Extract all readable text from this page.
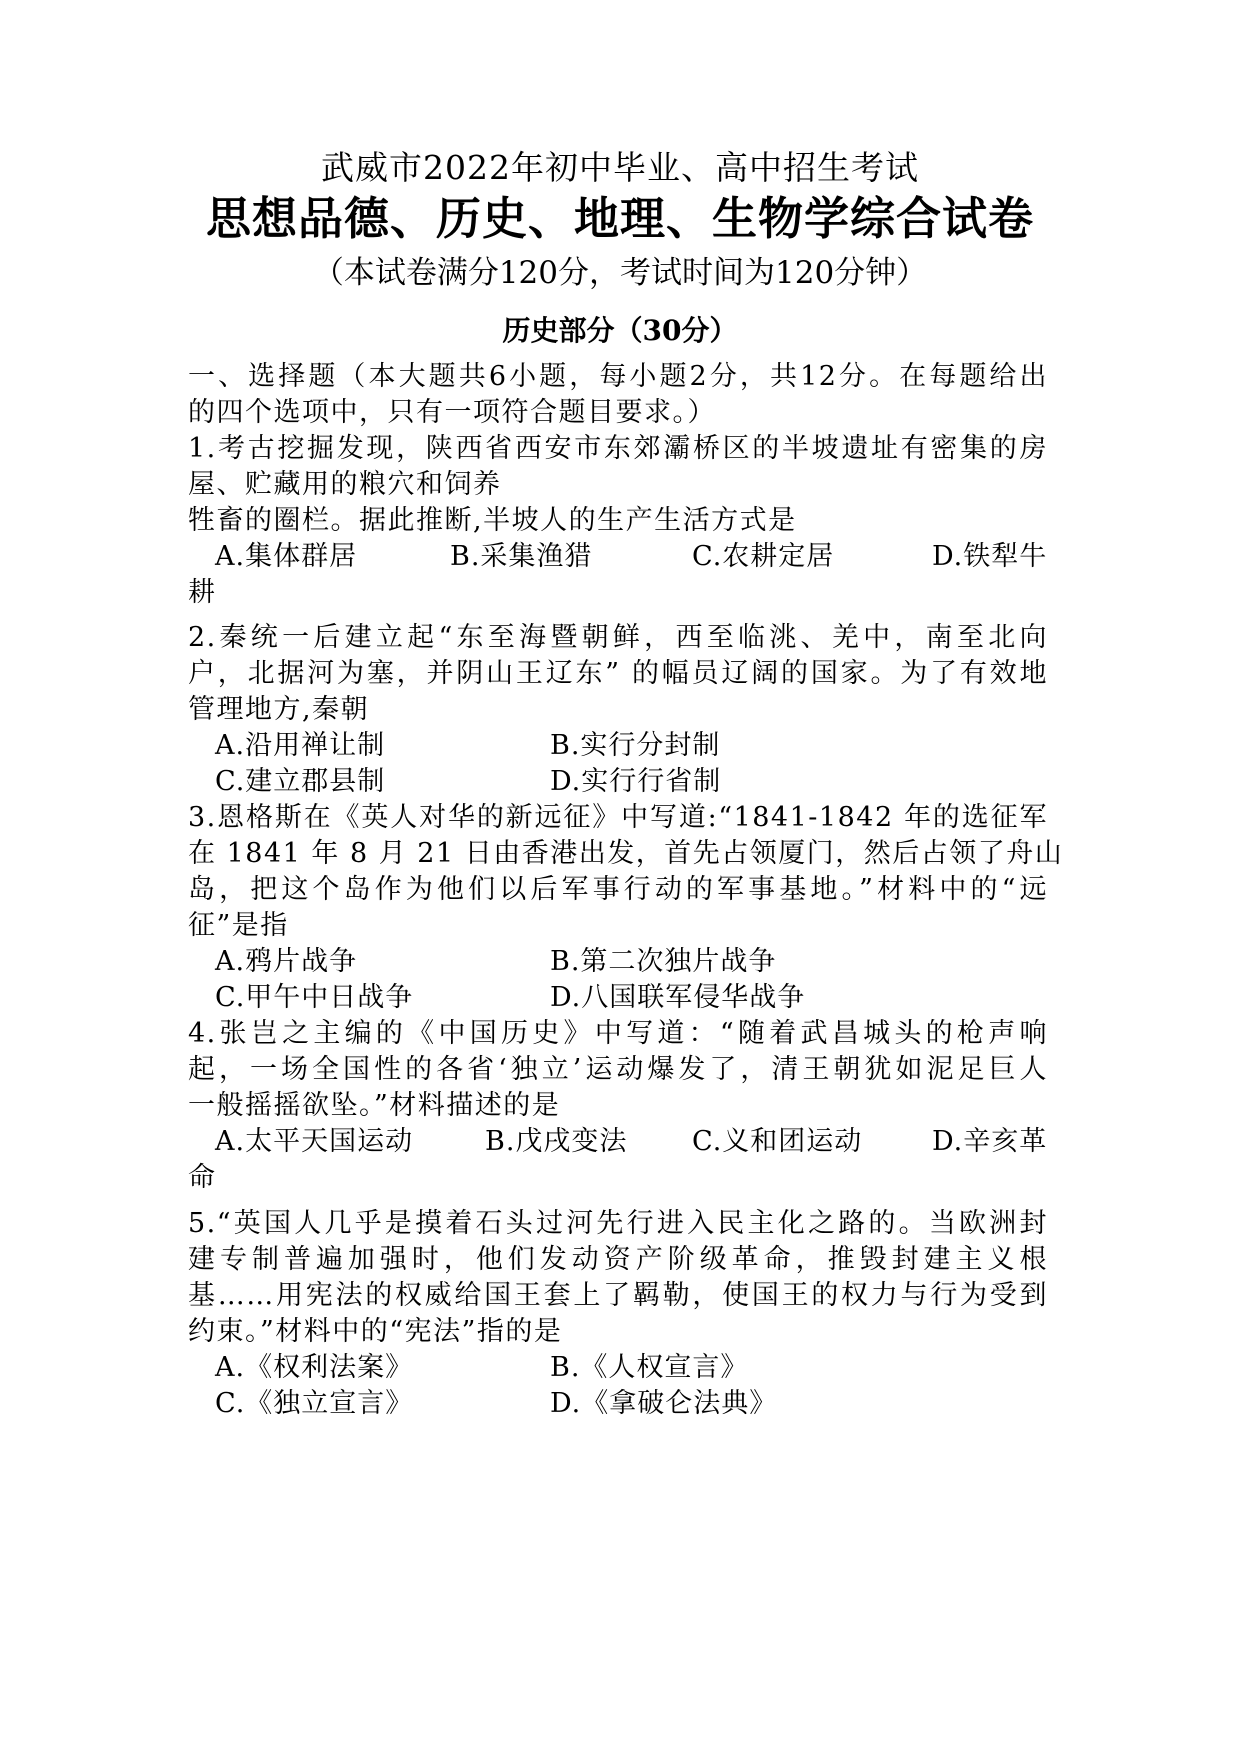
武威市2022年初中毕业、高中招生考试
思想品德、历史、地理、生物学综合试卷
（本试卷满分120分，考试时间为120分钟）
历史部分（30分）
一、选择题（本大题共6小题，每小题2分，共12分。在每题给出
的四个选项中，只有一项符合题目要求。）
1.考古挖掘发现，陕西省西安市东郊灞桥区的半坡遗址有密集的房
屋、贮藏用的粮穴和饲养
牲畜的圈栏。据此推断,半坡人的生产生活方式是
A.集体群居	B.采集渔猎	C.农耕定居	D.铁犁牛
耕
2.秦统一后建立起“东至海暨朝鲜，西至临洮、羌中，南至北向
户，北据河为塞，并阴山王辽东” 的幅员辽阔的国家。为了有效地
管理地方,秦朝
A.沿用禅让制	B.实行分封制
C.建立郡县制	D.实行行省制
3.恩格斯在《英人对华的新远征》中写道:“1841-1842 年的选征军
在 1841 年 8 月 21 日由香港出发，首先占领厦门，然后占领了舟山
岛，把这个岛作为他们以后军事行动的军事基地。”材料中的“远
征”是指
A.鸦片战争	B.第二次独片战争
C.甲午中日战争	D.八国联军侵华战争
4.张岂之主编的《中国历史》中写道：“随着武昌城头的枪声响
起，一场全国性的各省‘独立’运动爆发了，清王朝犹如泥足巨人
一般摇摇欲坠。”材料描述的是
A.太平天国运动	B.戊戌变法 C.义和团运动	D.辛亥革
命
5.“英国人几乎是摸着石头过河先行进入民主化之路的。当欧洲封
建专制普遍加强时，他们发动资产阶级革命，推毁封建主义根
基……用宪法的权威给国王套上了羁勒，使国王的权力与行为受到
约束。”材料中的“宪法”指的是
A.《权利法案》	B.《人权宣言》
C.《独立宣言》	D.《拿破仑法典》
